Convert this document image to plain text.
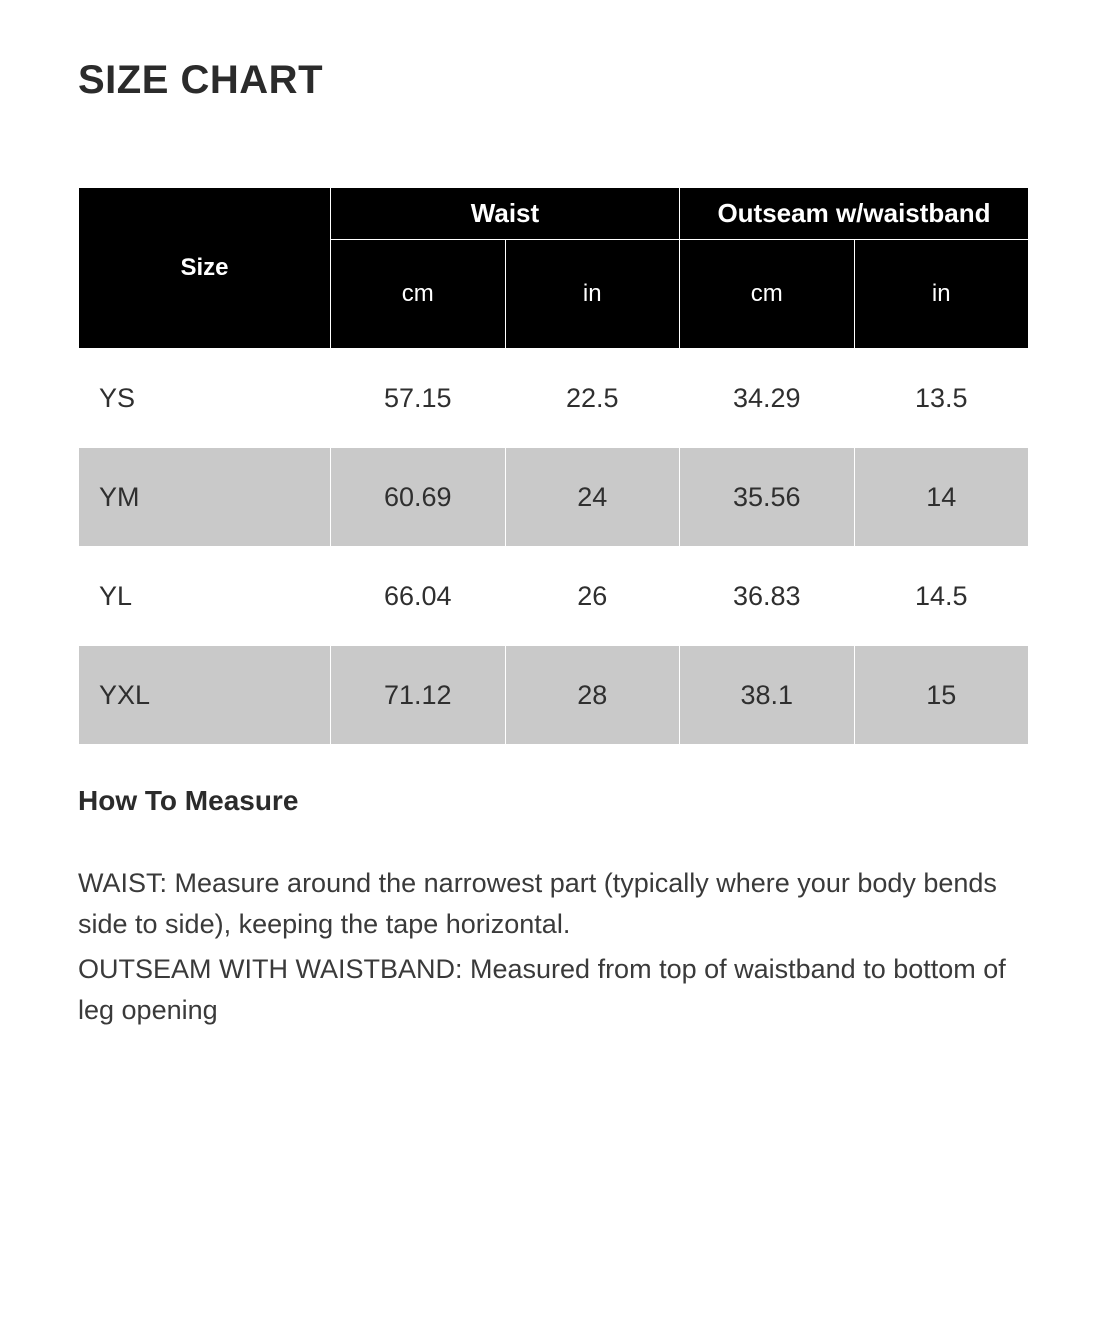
SIZE CHART
Size	Waist		Outseam w/waistband	
	cm	in	cm	in
YS	57.15	22.5	34.29	13.5
YM	60.69	24	35.56	14
YL	66.04	26	36.83	14.5
YXL	71.12	28	38.1	15
How To Measure

WAIST: Measure around the narrowest part (typically where your body bends side to side), keeping the tape horizontal.

OUTSEAM WITH WAISTBAND: Measured from top of waistband to bottom of leg opening
